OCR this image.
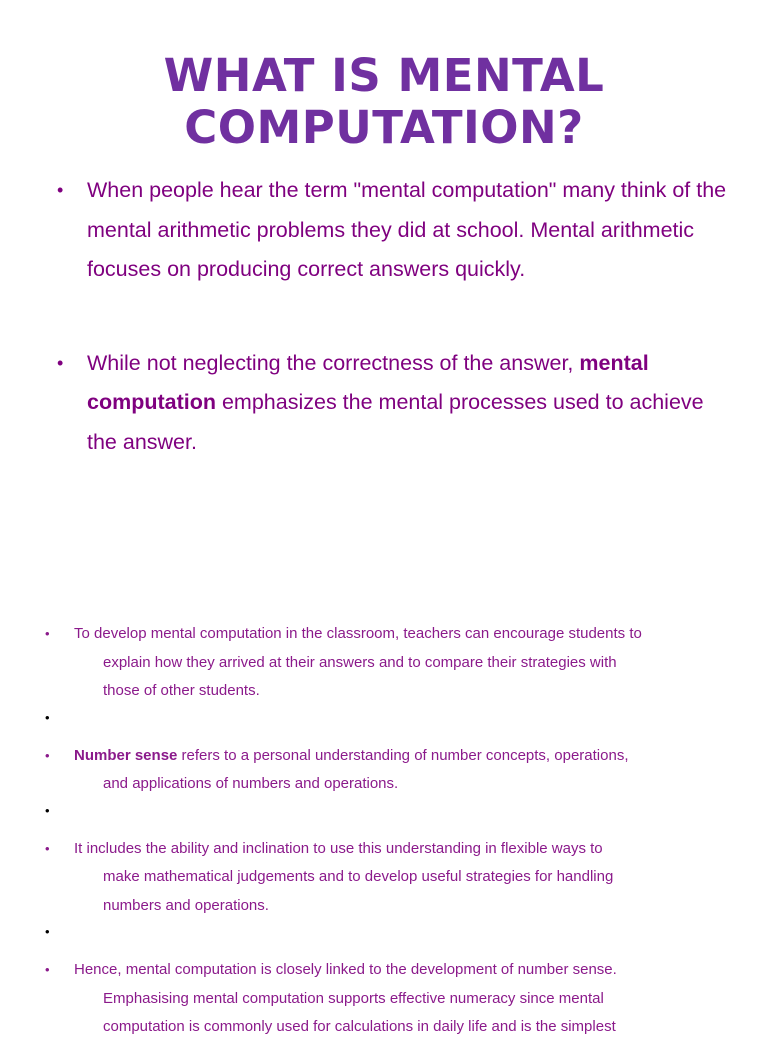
WHAT IS MENTAL
COMPUTATION?
• When people hear the term "mental computation" many think of the mental arithmetic problems they did at school. Mental arithmetic focuses on producing correct answers quickly.
• While not neglecting the correctness of the answer, mental computation emphasizes the mental processes used to achieve the answer.
• To develop mental computation in the classroom, teachers can encourage students to
explain how they arrived at their answers and to compare their strategies with
those of other students.
•
• Number sense refers to a personal understanding of number concepts, operations,
and applications of numbers and operations.
•
• It includes the ability and inclination to use this understanding in flexible ways to
make mathematical judgements and to develop useful strategies for handling
numbers and operations.
•
• Hence, mental computation is closely linked to the development of number sense.
Emphasising mental computation supports effective numeracy since mental
computation is commonly used for calculations in daily life and is the simplest
